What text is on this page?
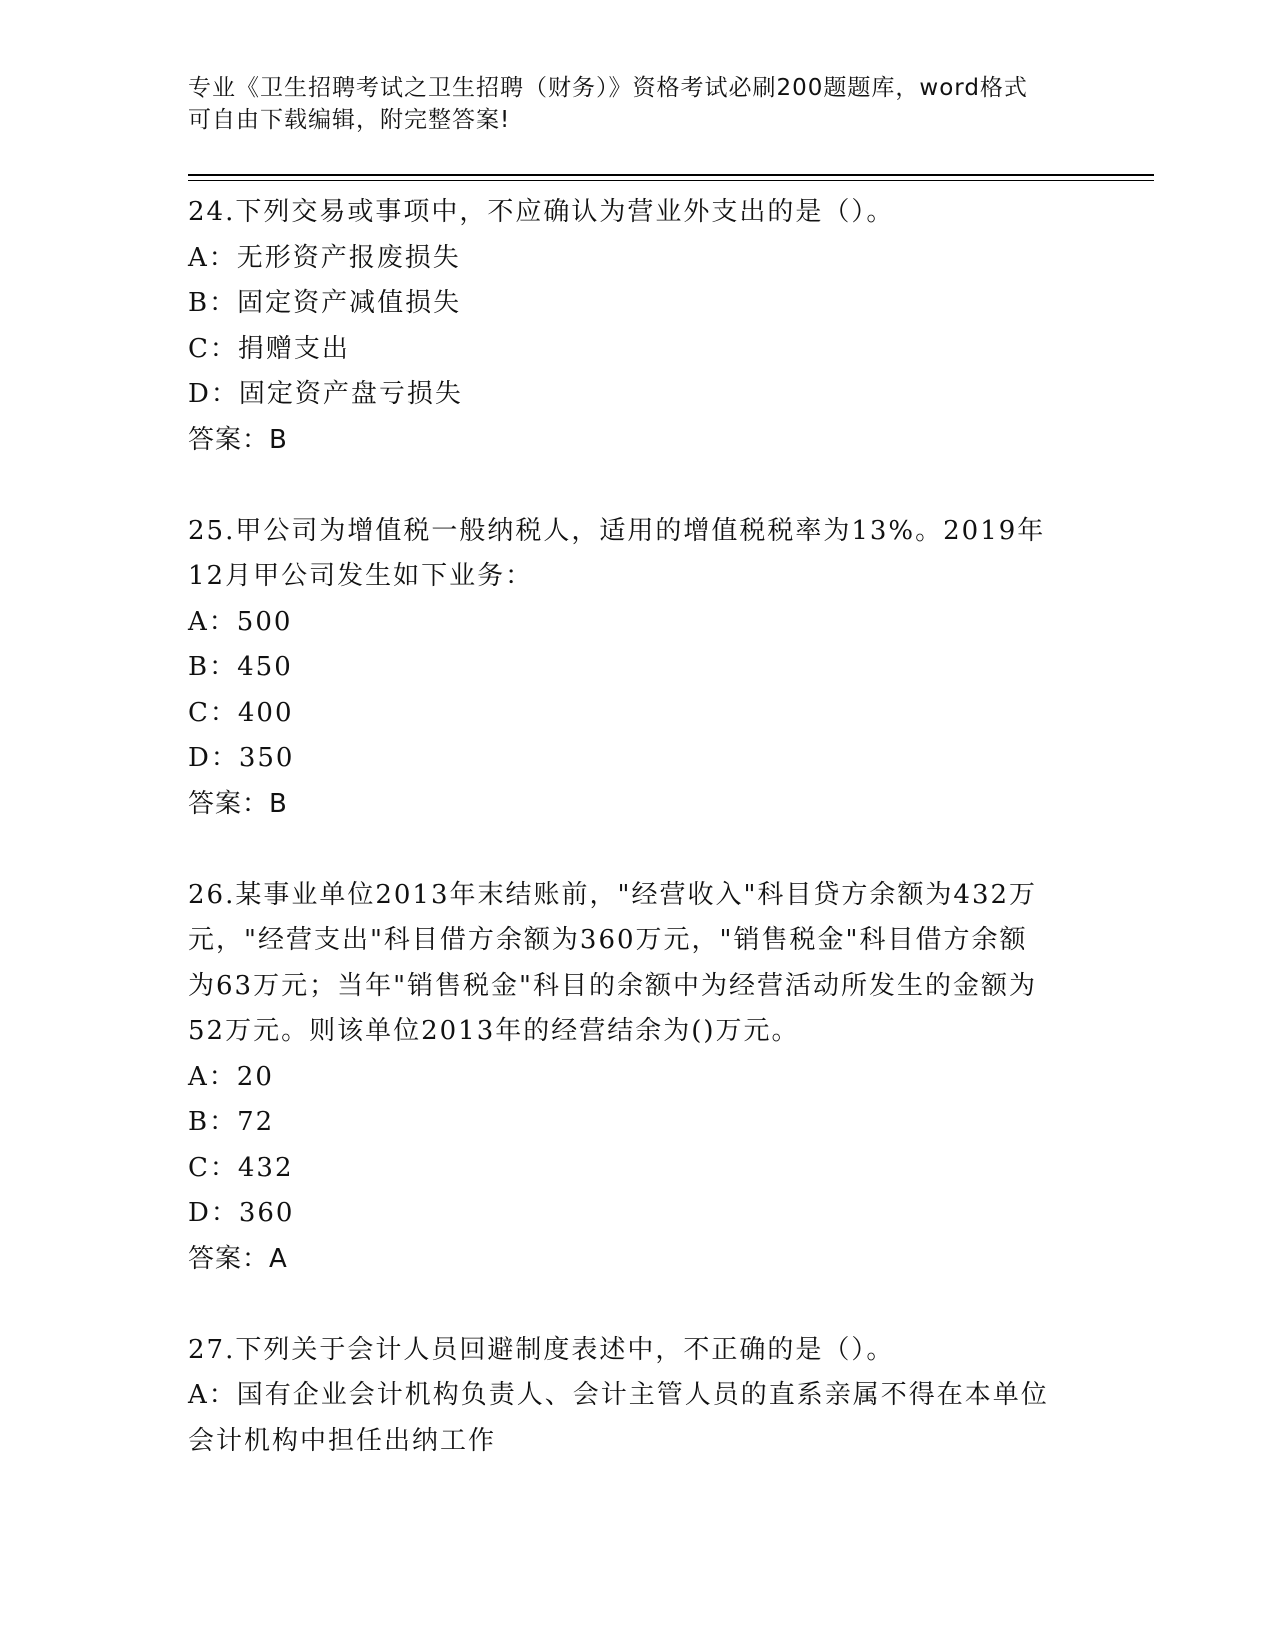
专业《卫生招聘考试之卫生招聘（财务）》资格考试必刷200题题库，word格式
可自由下载编辑，附完整答案!
24.下列交易或事项中，不应确认为营业外支出的是（）。
A：无形资产报废损失
B：固定资产减值损失
C：捐赠支出
D：固定资产盘亏损失
答案：B
25.甲公司为增值税一般纳税人，适用的增值税税率为13%。2019年
12月甲公司发生如下业务：
A：500
B：450
C：400
D：350
答案：B
26.某事业单位2013年末结账前，"经营收入"科目贷方余额为432万
元，"经营支出"科目借方余额为360万元，"销售税金"科目借方余额
为63万元；当年"销售税金"科目的余额中为经营活动所发生的金额为
52万元。则该单位2013年的经营结余为()万元。
A：20
B：72
C：432
D：360
答案：A
27.下列关于会计人员回避制度表述中，不正确的是（）。
A：国有企业会计机构负责人、会计主管人员的直系亲属不得在本单位
会计机构中担任出纳工作
